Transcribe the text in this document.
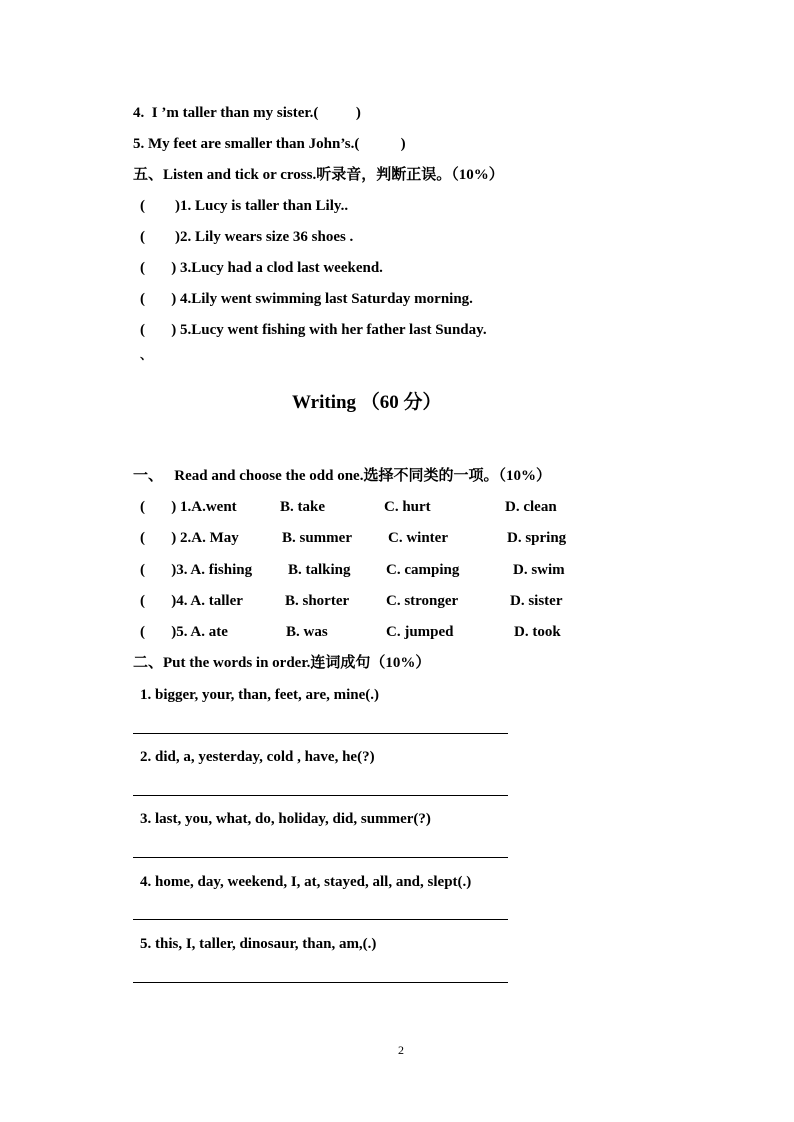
4.  I ’m taller than my sister.(          )
5. My feet are smaller than John’s.(           )
五、Listen and tick or cross.听录音，判断正误。（10%）
(        )1. Lucy is taller than Lily..
(        )2. Lily wears size 36 shoes .
(       ) 3.Lucy had a clod last weekend.
(       ) 4.Lily went swimming last Saturday morning.
(       ) 5.Lucy went fishing with her father last Sunday.
、
Writing （60 分）
一、   Read and choose the odd one.选择不同类的一项。（10%）
(       ) 1.A.went	B. take	C. hurt	D. clean
(       ) 2.A. May	B. summer C. winter	D. spring
(       )3. A. fishing B. talking C. camping	D. swim
(       )4. A. taller	B. shorter C. stronger	D. sister
(       )5. A. ate	B. was	C. jumped	D. took
二、Put the words in order.连词成句（10%）
1. bigger, your, than, feet, are, mine(.)
2. did, a, yesterday, cold , have, he(?)
3. last, you, what, do, holiday, did, summer(?)
4. home, day, weekend, I, at, stayed, all, and, slept(.)
5. this, I, taller, dinosaur, than, am,(.)
2
